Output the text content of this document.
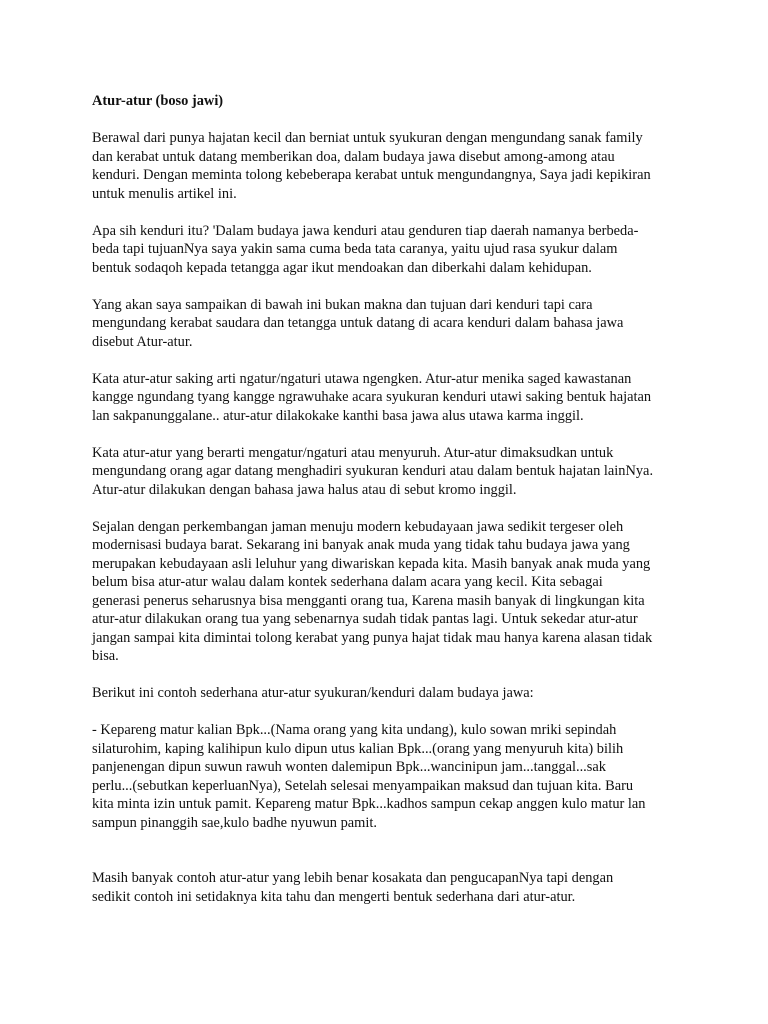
Atur-atur (boso jawi)
Berawal dari punya hajatan kecil dan berniat untuk syukuran dengan mengundang sanak family
dan kerabat untuk datang memberikan doa, dalam budaya jawa disebut among-among atau
kenduri. Dengan meminta tolong kebeberapa kerabat untuk mengundangnya, Saya jadi kepikiran
untuk menulis artikel ini.
Apa sih kenduri itu? 'Dalam budaya jawa kenduri atau genduren tiap daerah namanya berbeda-
beda tapi tujuanNya saya yakin sama cuma beda tata caranya, yaitu ujud rasa syukur dalam
bentuk sodaqoh kepada tetangga agar ikut mendoakan dan diberkahi dalam kehidupan.
Yang akan saya sampaikan di bawah ini bukan makna dan tujuan dari kenduri tapi cara
mengundang kerabat saudara dan tetangga untuk datang di acara kenduri dalam bahasa jawa
disebut Atur-atur.
Kata atur-atur saking arti ngatur/ngaturi utawa ngengken. Atur-atur menika saged kawastanan
kangge ngundang tyang kangge ngrawuhake acara syukuran kenduri utawi saking bentuk hajatan
lan sakpanunggalane.. atur-atur dilakokake kanthi basa jawa alus utawa karma inggil.
Kata atur-atur yang berarti mengatur/ngaturi atau menyuruh. Atur-atur dimaksudkan untuk
mengundang orang agar datang menghadiri syukuran kenduri atau dalam bentuk hajatan lainNya.
Atur-atur dilakukan dengan bahasa jawa halus atau di sebut kromo inggil.
Sejalan dengan perkembangan jaman menuju modern kebudayaan jawa sedikit tergeser oleh
modernisasi budaya barat. Sekarang ini banyak anak muda yang tidak tahu budaya jawa yang
merupakan kebudayaan asli leluhur yang diwariskan kepada kita. Masih banyak anak muda yang
belum bisa atur-atur walau dalam kontek sederhana dalam acara yang kecil. Kita sebagai
generasi penerus seharusnya bisa mengganti orang tua, Karena masih banyak di lingkungan kita
atur-atur dilakukan orang tua yang sebenarnya sudah tidak pantas lagi. Untuk sekedar atur-atur
jangan sampai kita dimintai tolong kerabat yang punya hajat tidak mau hanya karena alasan tidak
bisa.
Berikut ini contoh sederhana atur-atur syukuran/kenduri dalam budaya jawa:
- Kepareng matur kalian Bpk...(Nama orang yang kita undang), kulo sowan mriki sepindah
silaturohim, kaping kalihipun kulo dipun utus kalian Bpk...(orang yang menyuruh kita) bilih
panjenengan dipun suwun rawuh wonten dalemipun Bpk...wancinipun jam...tanggal...sak
perlu...(sebutkan keperluanNya), Setelah selesai menyampaikan maksud dan tujuan kita. Baru
kita minta izin untuk pamit. Kepareng matur Bpk...kadhos sampun cekap anggen kulo matur lan
sampun pinanggih sae,kulo badhe nyuwun pamit.
Masih banyak contoh atur-atur yang lebih benar kosakata dan pengucapanNya tapi dengan
sedikit contoh ini setidaknya kita tahu dan mengerti bentuk sederhana dari atur-atur.
